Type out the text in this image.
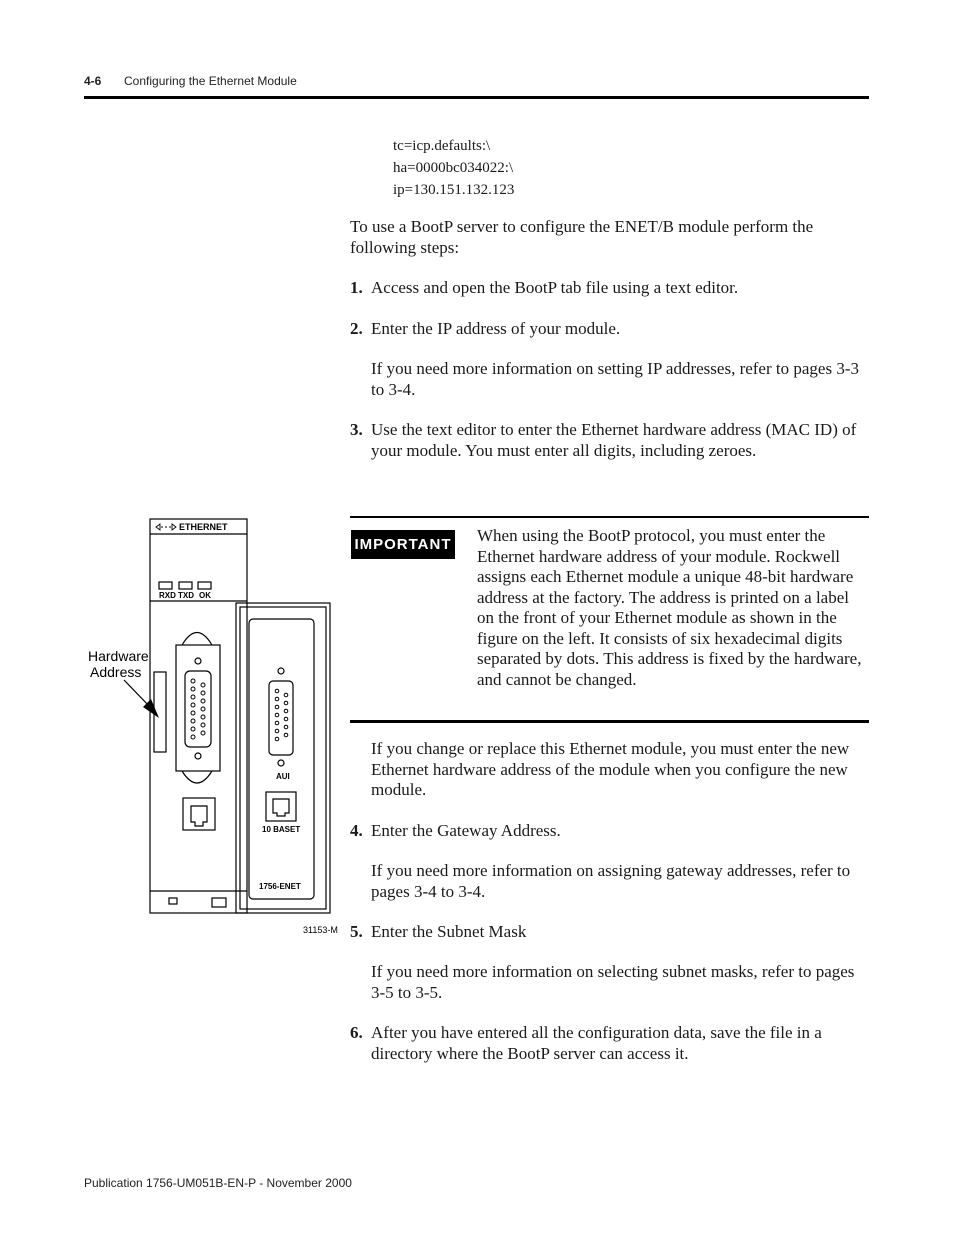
4-6 Configuring the Ethernet Module
tc=icp.defaults:\
ha=0000bc034022:\
ip=130.151.132.123
To use a BootP server to configure the ENET/B module perform the following steps:
1. Access and open the BootP tab file using a text editor.
2. Enter the IP address of your module.
If you need more information on setting IP addresses, refer to pages 3-3 to 3-4.
3. Use the text editor to enter the Ethernet hardware address (MAC ID) of your module. You must enter all digits, including zeroes.
IMPORTANT When using the BootP protocol, you must enter the Ethernet hardware address of your module. Rockwell assigns each Ethernet module a unique 48-bit hardware address at the factory. The address is printed on a label on the front of your Ethernet module as shown in the figure on the left. It consists of six hexadecimal digits separated by dots. This address is fixed by the hardware, and cannot be changed.
If you change or replace this Ethernet module, you must enter the new Ethernet hardware address of the module when you configure the new module.
4. Enter the Gateway Address.
If you need more information on assigning gateway addresses, refer to pages 3-4 to 3-4.
5. Enter the Subnet Mask
If you need more information on selecting subnet masks, refer to pages 3-5 to 3-5.
6. After you have entered all the configuration data, save the file in a directory where the BootP server can access it.
ETHERNET
RXD TXD OK
Hardware
Address
AUI
10 BASET
1756-ENET
31153-M
Publication 1756-UM051B-EN-P - November 2000
